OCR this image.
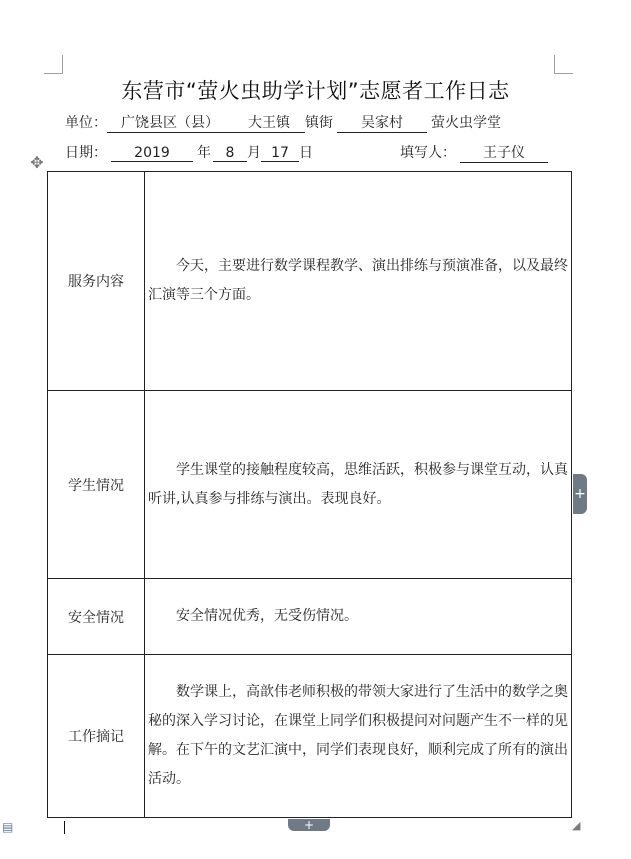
东营市“萤火虫助学计划”志愿者工作日志
单位： 广饶县区（县） 大王镇 镇街 吴家村 萤火虫学堂
日期： 2019 年 8 月 17 日	填写人： 王子仪
✥
服务内容	今天，主要进行数学课程教学、演出排练与预演准备，以及最终汇演等三个方面。
学生情况	学生课堂的接触程度较高，思维活跃，积极参与课堂互动，认真听讲,认真参与排练与演出。表现良好。
安全情况	安全情况优秀，无受伤情况。
工作摘记	数学课上，高歆伟老师积极的带领大家进行了生活中的数学之奥秘的深入学习讨论，在课堂上同学们积极提问对问题产生不一样的见解。在下午的文艺汇演中，同学们表现良好，顺利完成了所有的演出活动。
+
+	◢
▤
